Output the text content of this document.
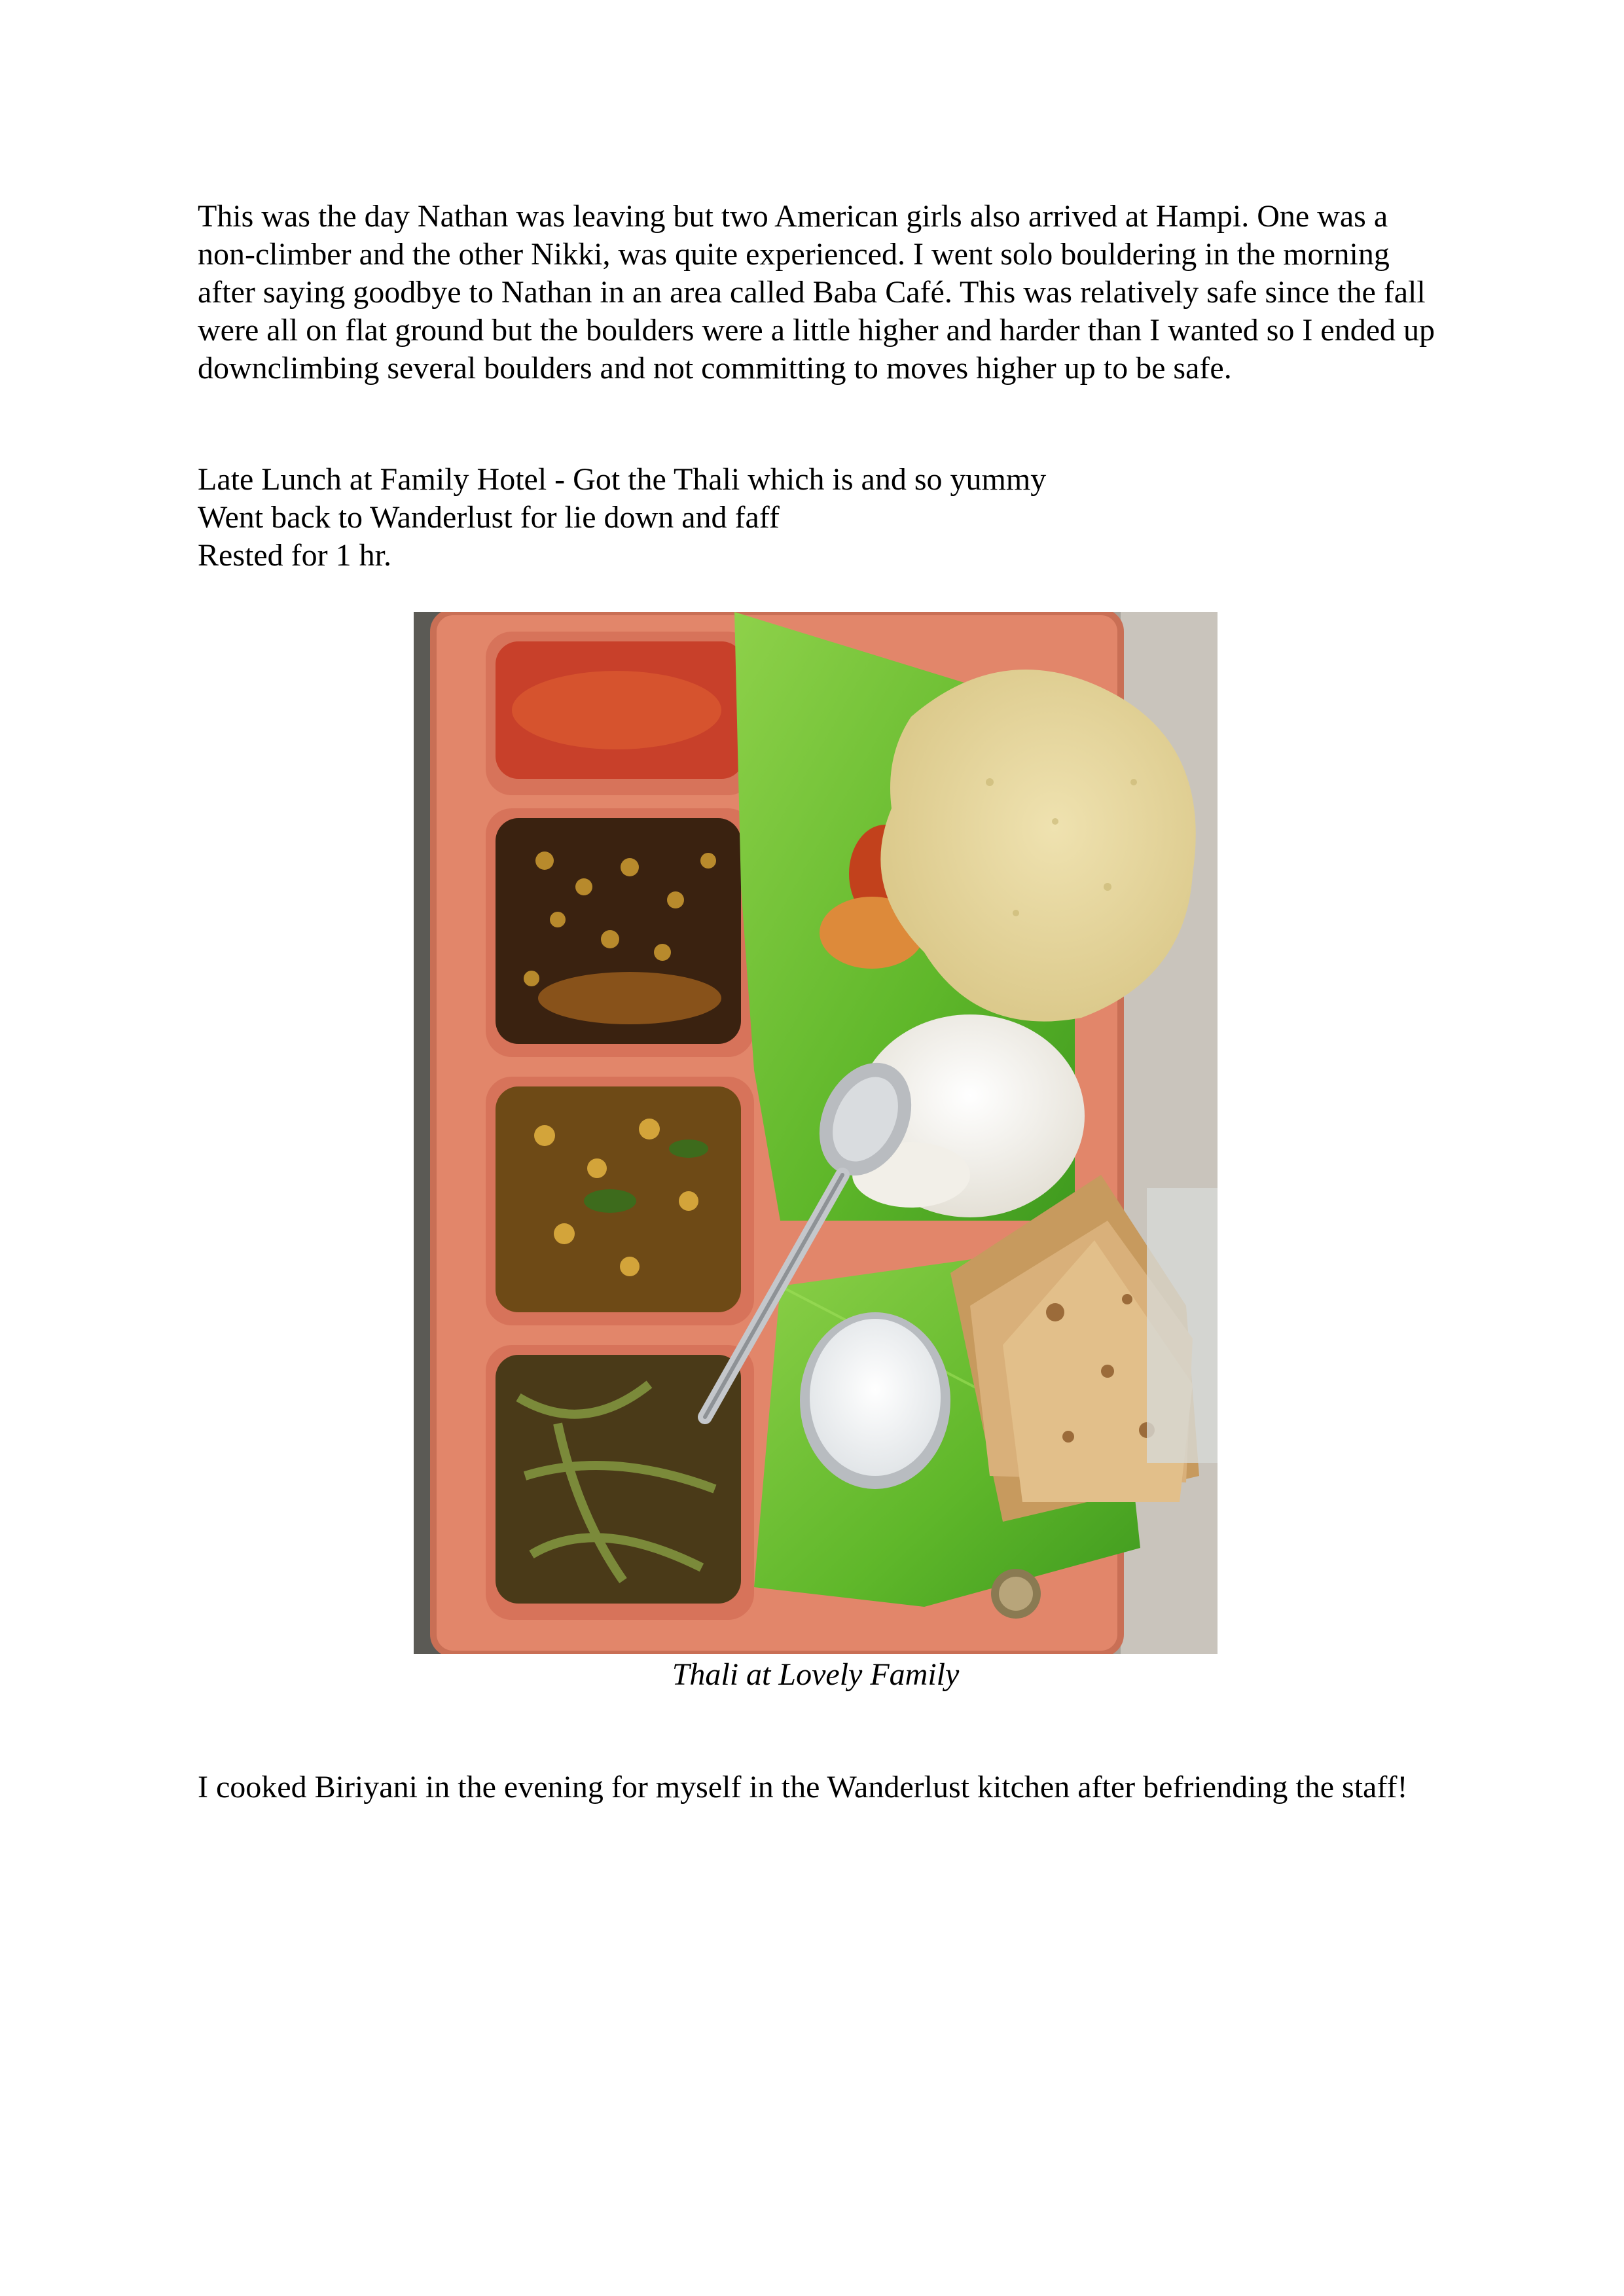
This was the day Nathan was leaving but two American girls also arrived at Hampi. One was a non-climber and the other Nikki, was quite experienced. I went solo bouldering in the morning after saying goodbye to Nathan in an area called Baba Café. This was relatively safe since the fall were all on flat ground but the boulders were a little higher and harder than I wanted so I ended up downclimbing several boulders and not committing to moves higher up to be safe.

Late Lunch at Family Hotel - Got the Thali which is and so yummy
Went back to Wanderlust for lie down and faff
Rested for 1 hr.
Thali at Lovely Family

I cooked Biriyani in the evening for myself in the Wanderlust kitchen after befriending the staff!
